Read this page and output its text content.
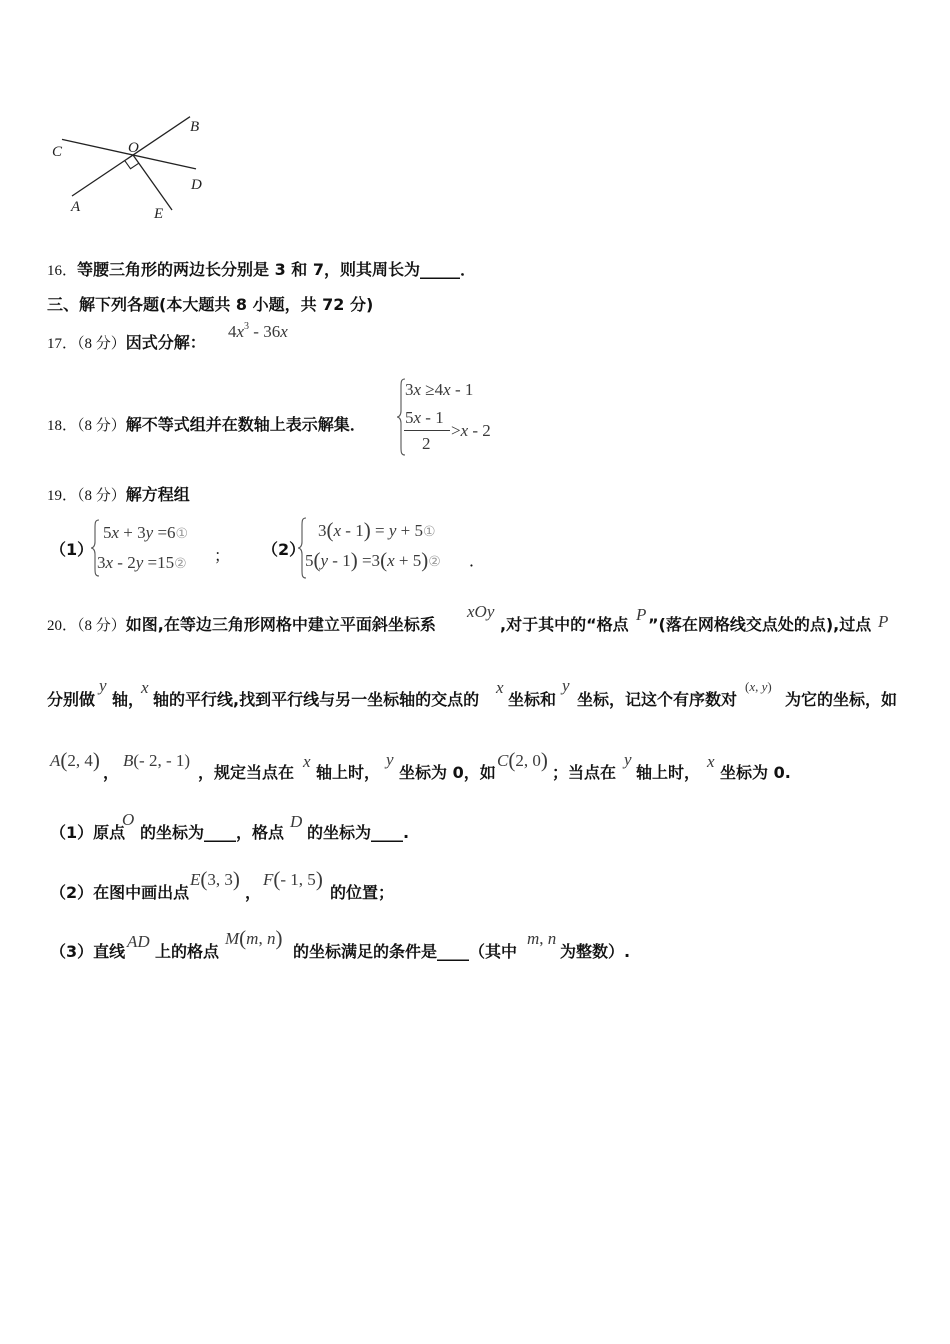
C	O
B
D
A	E
16．等腰三角形的两边长分别是 3 和 7，则其周长为_____．
三、解下列各题(本大题共 8 小题，共 72 分)
17．（8 分）因式分解：
$4x^3 - 36x$
18．（8 分）解不等式组并在数轴上表示解集．
3x ≥4x - 1
5x - 1
2
>x - 2
19．（8 分）解方程组
（1）
5x + 3y =6①
3x - 2y =15② ； （2）
3(x - 1) = y + 5①
5(y - 1) =3(x + 5)② ．
20．（8 分）如图,在等边三角形网格中建立平面斜坐标系
xOy
,对于其中的“格点
P
”(落在网格线交点处的点),过点 P
分别做
y
轴，
x
轴的平行线,找到平行线与另一坐标轴的交点的
x
坐标和
y
坐标，记这个有序数对
(x, y)
为它的坐标，如
A(2, 4)
，
B(- 2, - 1)
，规定当点在
x
轴上时，
y
坐标为 0，如
C(2, 0)
；当点在
y
轴上时，
x
坐标为 0.
（1）原点
O
的坐标为____，格点
D
的坐标为____.
（2）在图中画出点
E(3, 3)
，
F(- 1, 5)
的位置；
（3）直线
AD
上的格点
M(m, n)
的坐标满足的条件是____（其中
m, n
为整数）.
